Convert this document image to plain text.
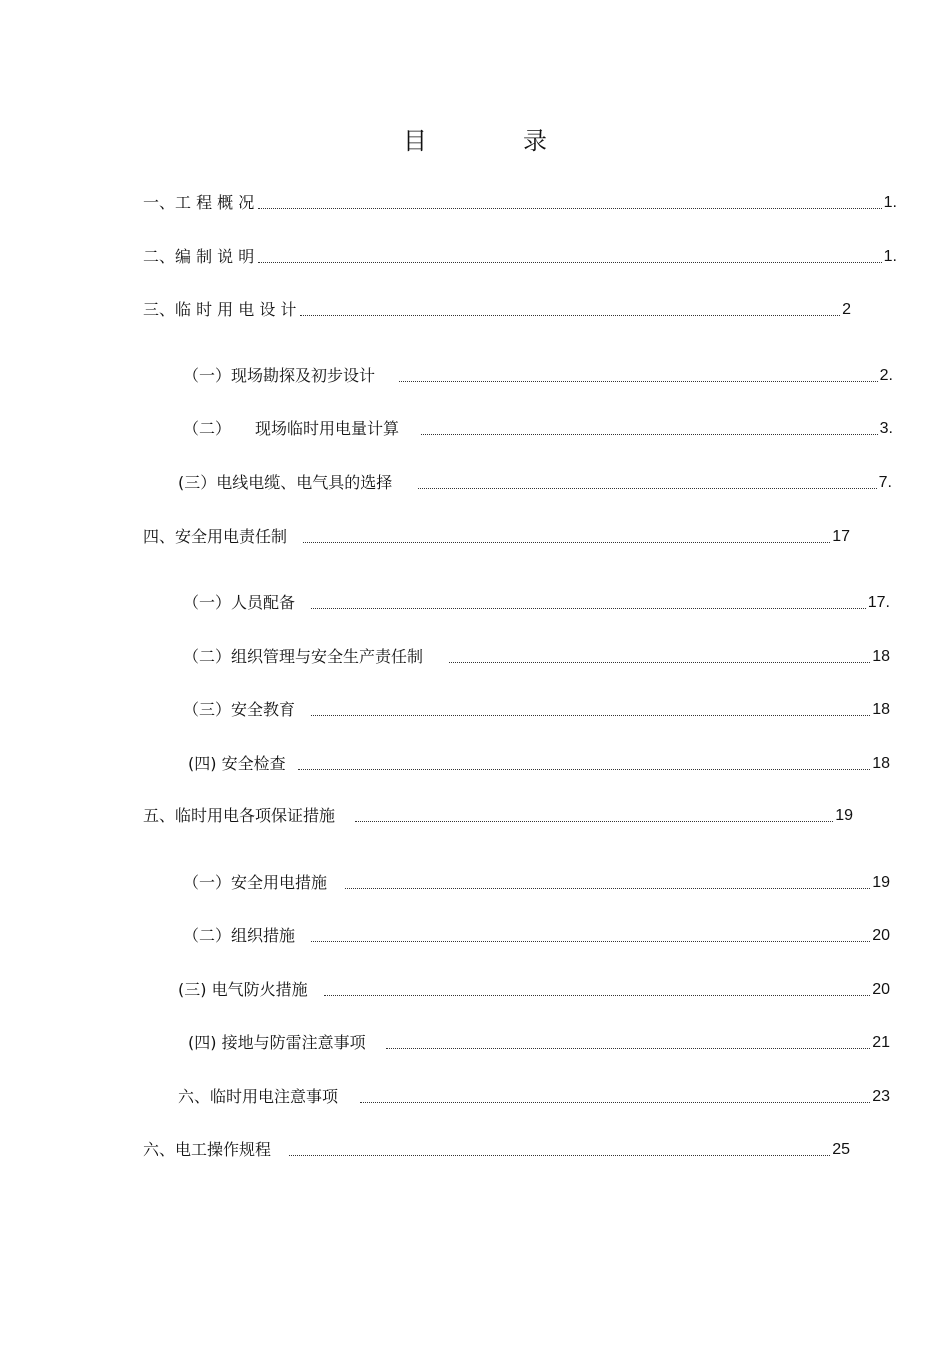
目	录
一、工 程 概 况	1.
二、编 制 说 明	1.
三、临 时 用 电 设 计	2
（一）现场勘探及初步设计	2.
（二）　　现场临时用电量计算	3.
(三）电线电缆、电气具的选择	7.
四、安全用电责任制	17
（一）人员配备	17.
（二）组织管理与安全生产责任制	18
（三）安全教育	18
(四) 安全检查	18
五、临时用电各项保证措施	19
（一）安全用电措施	19
（二）组织措施	20
(三) 电气防火措施	20
(四) 接地与防雷注意事项	21
六、临时用电注意事项	23
六、电工操作规程	25
